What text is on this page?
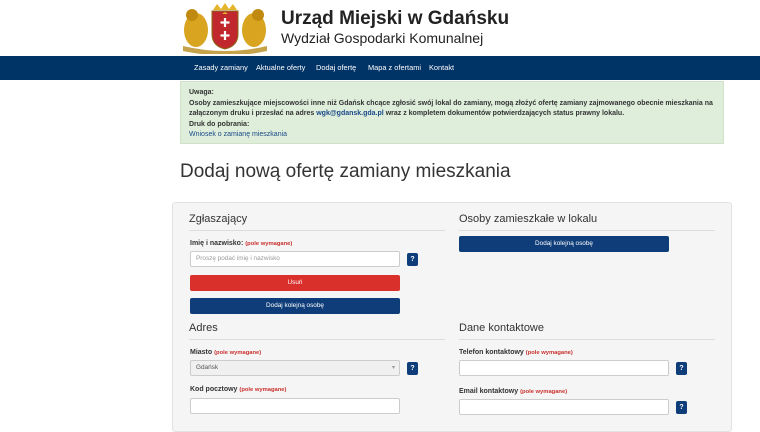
Urząd Miejski w Gdańsku
Wydział Gospodarki Komunalnej
Zasady zamiany Aktualne oferty Dodaj ofertę Mapa z ofertami Kontakt
Uwaga:
Osoby zamieszkujące miejscowości inne niż Gdańsk chcące zgłosić swój lokal do zamiany, mogą złożyć ofertę zamiany zajmowanego obecnie mieszkania na załączonym druku i przesłać na adres wgk@gdansk.gda.pl wraz z kompletem dokumentów potwierdzających status prawny lokalu.
Druk do pobrania:
Wniosek o zamianę mieszkania
Dodaj nową ofertę zamiany mieszkania
Zgłaszający
Imię i nazwisko: (pole wymagane)
Proszę podać imię i nazwisko	?
Usuń
Dodaj kolejną osobę
Osoby zamieszkałe w lokalu
Dodaj kolejną osobę
Adres
Miasto (pole wymagane)
Gdańsk	▾	?
Kod pocztowy (pole wymagane)
Dane kontaktowe
Telefon kontaktowy (pole wymagane)
?
Email kontaktowy (pole wymagane)
?
